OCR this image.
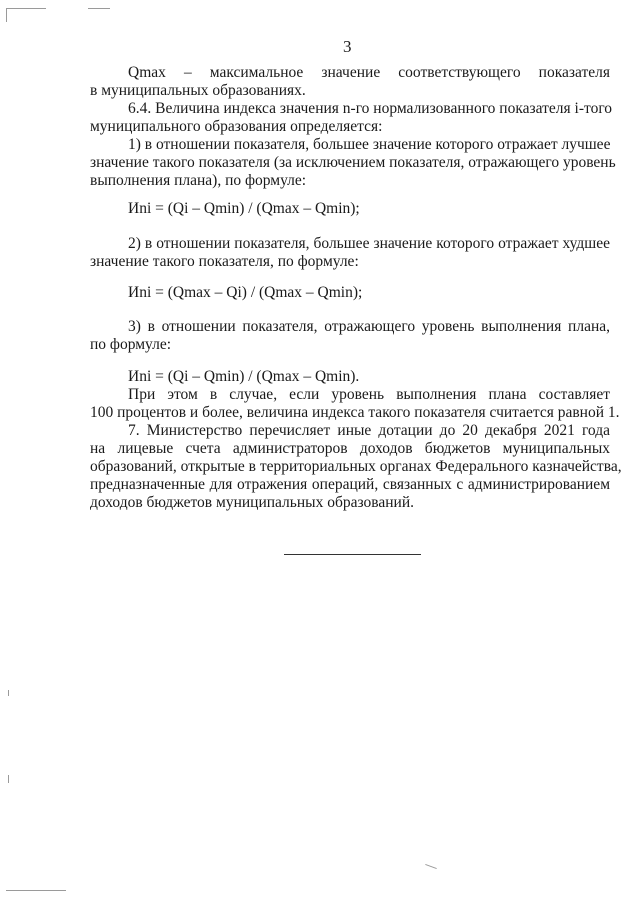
3
Qmax – максимальное значение соответствующего показателя
в муниципальных образованиях.
6.4. Величина индекса значения n-го нормализованного показателя i-того
муниципального образования определяется:
1) в отношении показателя, большее значение которого отражает лучшее
значение такого показателя (за исключением показателя, отражающего уровень
выполнения плана), по формуле:
Иni = (Qi – Qmin) / (Qmax – Qmin);
2) в отношении показателя, большее значение которого отражает худшее
значение такого показателя, по формуле:
Иni = (Qmax – Qi) / (Qmax – Qmin);
3) в отношении показателя, отражающего уровень выполнения плана,
по формуле:
Иni = (Qi – Qmin) / (Qmax – Qmin).
При этом в случае, если уровень выполнения плана составляет
100 процентов и более, величина индекса такого показателя считается равной 1.
7. Министерство перечисляет иные дотации до 20 декабря 2021 года
на лицевые счета администраторов доходов бюджетов муниципальных
образований, открытые в территориальных органах Федерального казначейства,
предназначенные для отражения операций, связанных с администрированием
доходов бюджетов муниципальных образований.
